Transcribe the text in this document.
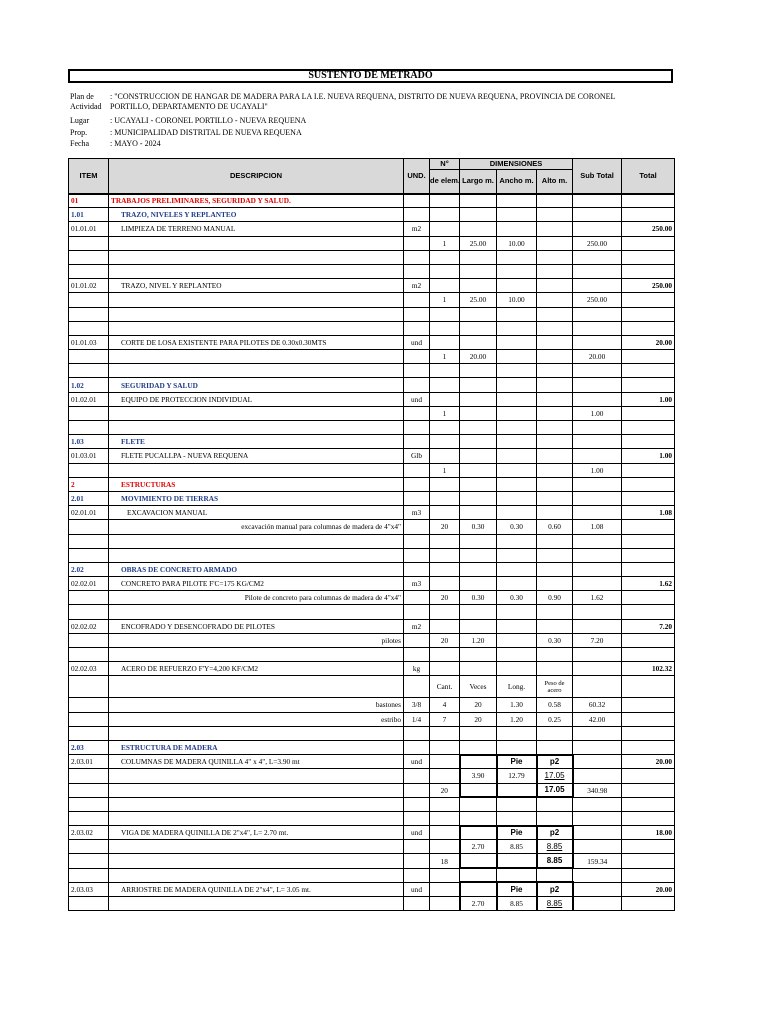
SUSTENTO DE METRADO
Plan de	: "CONSTRUCCION DE HANGAR DE MADERA PARA LA I.E. NUEVA REQUENA, DISTRITO DE NUEVA REQUENA, PROVINCIA DE CORONEL
Actividad	PORTILLO, DEPARTAMENTO DE UCAYALI"
Lugar	: UCAYALI - CORONEL PORTILLO - NUEVA REQUENA
Prop.	: MUNICIPALIDAD DISTRITAL DE NUEVA REQUENA
Fecha	: MAYO - 2024
ITEM	DESCRIPCION	UND.	N°	DIMENSIONES			Sub Total	Total
			de elem.	Largo m.	Ancho m.	Alto m.		
01	TRABAJOS PRELIMINARES, SEGURIDAD Y SALUD.							
1.01	TRAZO, NIVELES Y REPLANTEO							
01.01.01	LIMPIEZA DE TERRENO MANUAL	m2						250.00
			1	25.00	10.00		250.00	

01.01.02	TRAZO, NIVEL Y REPLANTEO	m2						250.00
			1	25.00	10.00		250.00	

01.01.03	CORTE DE LOSA EXISTENTE PARA PILOTES DE 0.30x0.30MTS	und						20.00
			1	20.00			20.00	

1.02	SEGURIDAD Y SALUD							
01.02.01	EQUIPO DE PROTECCION INDIVIDUAL	und						1.00
			1				1.00	

1.03	FLETE							
01.03.01	FLETE PUCALLPA - NUEVA REQUENA	Glb						1.00
			1				1.00	
2	ESTRUCTURAS							
2.01	MOVIMIENTO DE TIERRAS							
02.01.01	EXCAVACION MANUAL	m3						1.08
	excavación manual para columnas de madera de 4"x4"		20	0.30	0.30	0.60	1.08	

2.02	OBRAS DE CONCRETO ARMADO							
02.02.01	CONCRETO PARA PILOTE F'C=175 KG/CM2	m3						1.62
	Pilote de concreto para columnas de madera de 4"x4"		20	0.30	0.30	0.90	1.62	

02.02.02	ENCOFRADO Y DESENCOFRADO DE PILOTES	m2						7.20
	pilotes		20	1.20		0.30	7.20	

02.02.03	ACERO DE REFUERZO F'Y=4,200 KF/CM2	kg						102.32
			Cant.	Veces	Long.	Peso de acero		
	bastones	3/8	4	20	1.30	0.58	60.32	
	estribo	1/4	7	20	1.20	0.25	42.00	

2.03	ESTRUCTURA DE MADERA							
2.03.01	COLUMNAS DE MADERA QUINILLA 4" x 4", L=3.90 mt	und			Pie	p2		20.00
				3.90	12.79	17.05		
			20			17.05	340.98	

2.03.02	VIGA DE MADERA QUINILLA DE 2"x4", L= 2.70 mt.	und			Pie	p2		18.00
				2.70	8.85	8.85		
			18			8.85	159.34	

2.03.03	ARRIOSTRE DE MADERA QUINILLA DE 2"x4", L= 3.05 mt.	und			Pie	p2		20.00
				2.70	8.85	8.85		
